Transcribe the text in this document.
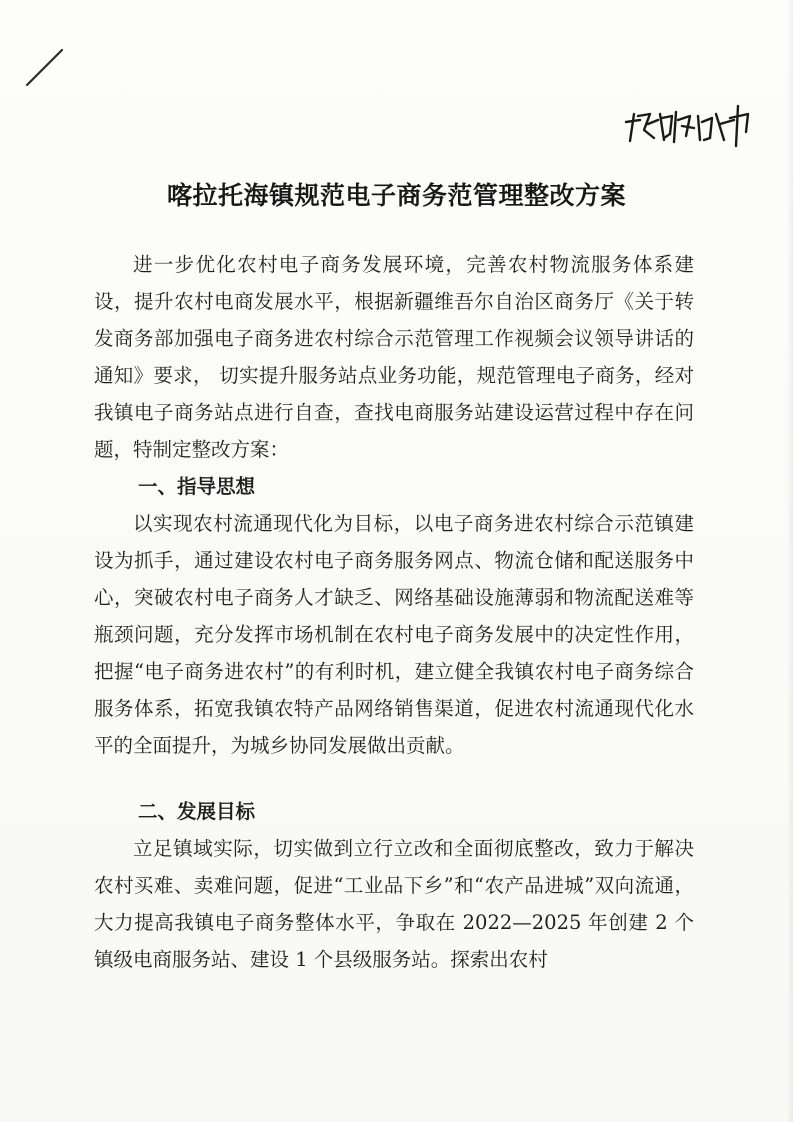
喀拉托海镇规范电子商务范管理整改方案

进一步优化农村电子商务发展环境，完善农村物流服务体系建设，提升农村电商发展水平，根据新疆维吾尔自治区商务厅《关于转发商务部加强电子商务进农村综合示范管理工作视频会议领导讲话的通知》要求， 切实提升服务站点业务功能，规范管理电子商务，经对我镇电子商务站点进行自查，查找电商服务站建设运营过程中存在问题，特制定整改方案：

一、指导思想

以实现农村流通现代化为目标，以电子商务进农村综合示范镇建设为抓手，通过建设农村电子商务服务网点、物流仓储和配送服务中心，突破农村电子商务人才缺乏、网络基础设施薄弱和物流配送难等瓶颈问题，充分发挥市场机制在农村电子商务发展中的决定性作用，把握“电子商务进农村”的有利时机，建立健全我镇农村电子商务综合服务体系，拓宽我镇农特产品网络销售渠道，促进农村流通现代化水平的全面提升，为城乡协同发展做出贡献。

二、发展目标

立足镇域实际，切实做到立行立改和全面彻底整改，致力于解决农村买难、卖难问题，促进“工业品下乡”和“农产品进城”双向流通，大力提高我镇电子商务整体水平，争取在 2022—2025 年创建 2 个镇级电商服务站、建设 1 个县级服务站。探索出农村
